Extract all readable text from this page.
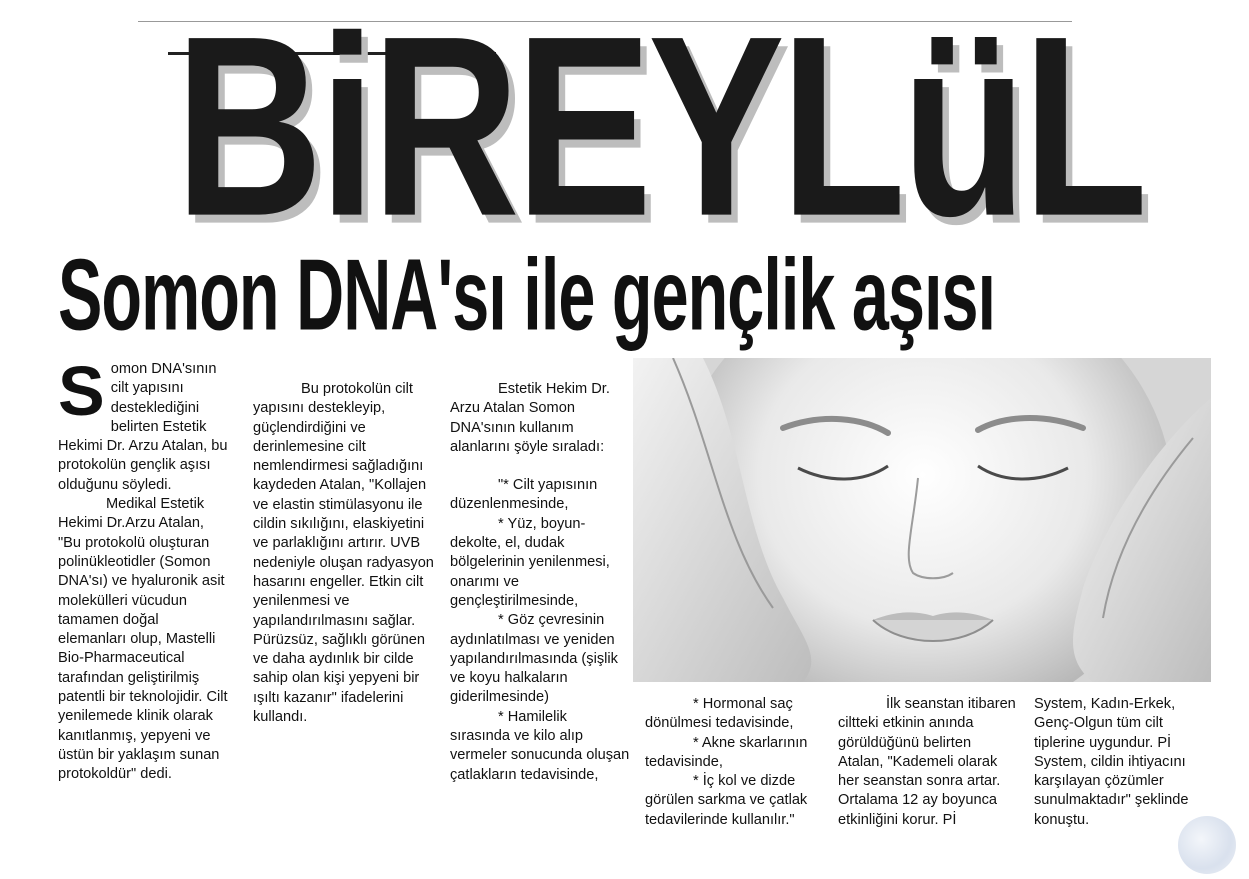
BiREYLüL
Somon DNA'sı ile gençlik aşısı

Somon DNA'sının cilt yapısını desteklediğini belirten Estetik Hekimi Dr. Arzu Atalan, bu protokolün gençlik aşısı olduğunu söyledi.

Medikal Estetik Hekimi Dr.Arzu Atalan, "Bu protokolü oluşturan polinükleotidler (Somon DNA'sı) ve hyaluronik asit molekülleri vücudun tamamen doğal elemanları olup, Mastelli Bio-Pharmaceutical tarafından geliştirilmiş patentli bir teknolojidir. Cilt yenilemede klinik olarak kanıtlanmış, yepyeni ve üstün bir yaklaşım sunan protokoldür" dedi.

Bu protokolün cilt yapısını destekleyip, güçlendirdiğini ve derinlemesine cilt nemlendirmesi sağladığını kaydeden Atalan, "Kollajen ve elastin stimülasyonu ile cildin sıkılığını, elaskiyetini ve parlaklığını artırır. UVB nedeniyle oluşan radyasyon hasarını engeller. Etkin cilt yenilenmesi ve yapılandırılmasını sağlar. Pürüzsüz, sağlıklı görünen ve daha aydınlık bir cilde sahip olan kişi yepyeni bir ışıltı kazanır" ifadelerini kullandı.

Estetik Hekim Dr. Arzu Atalan Somon DNA'sının kullanım alanlarını şöyle sıraladı:

"* Cilt yapısının düzenlenmesinde,

* Yüz, boyun-dekolte, el, dudak bölgelerinin yenilenmesi, onarımı ve gençleştirilmesinde,

* Göz çevresinin aydınlatılması ve yeniden yapılandırılmasında (şişlik ve koyu halkaların giderilmesinde)

* Hamilelik sırasında ve kilo alıp vermeler sonucunda oluşan çatlakların tedavisinde,

* Hormonal saç dönülmesi tedavisinde,

* Akne skarlarının tedavisinde,

* İç kol ve dizde görülen sarkma ve çatlak tedavilerinde kullanılır."

İlk seanstan itibaren ciltteki etkinin anında görüldüğünü belirten Atalan, "Kademeli olarak her seanstan sonra artar. Ortalama 12 ay boyunca etkinliğini korur. Pİ

System, Kadın-Erkek, Genç-Olgun tüm cilt tiplerine uygundur. Pİ System, cildin ihtiyacını karşılayan çözümler sunulmaktadır" şeklinde konuştu.
